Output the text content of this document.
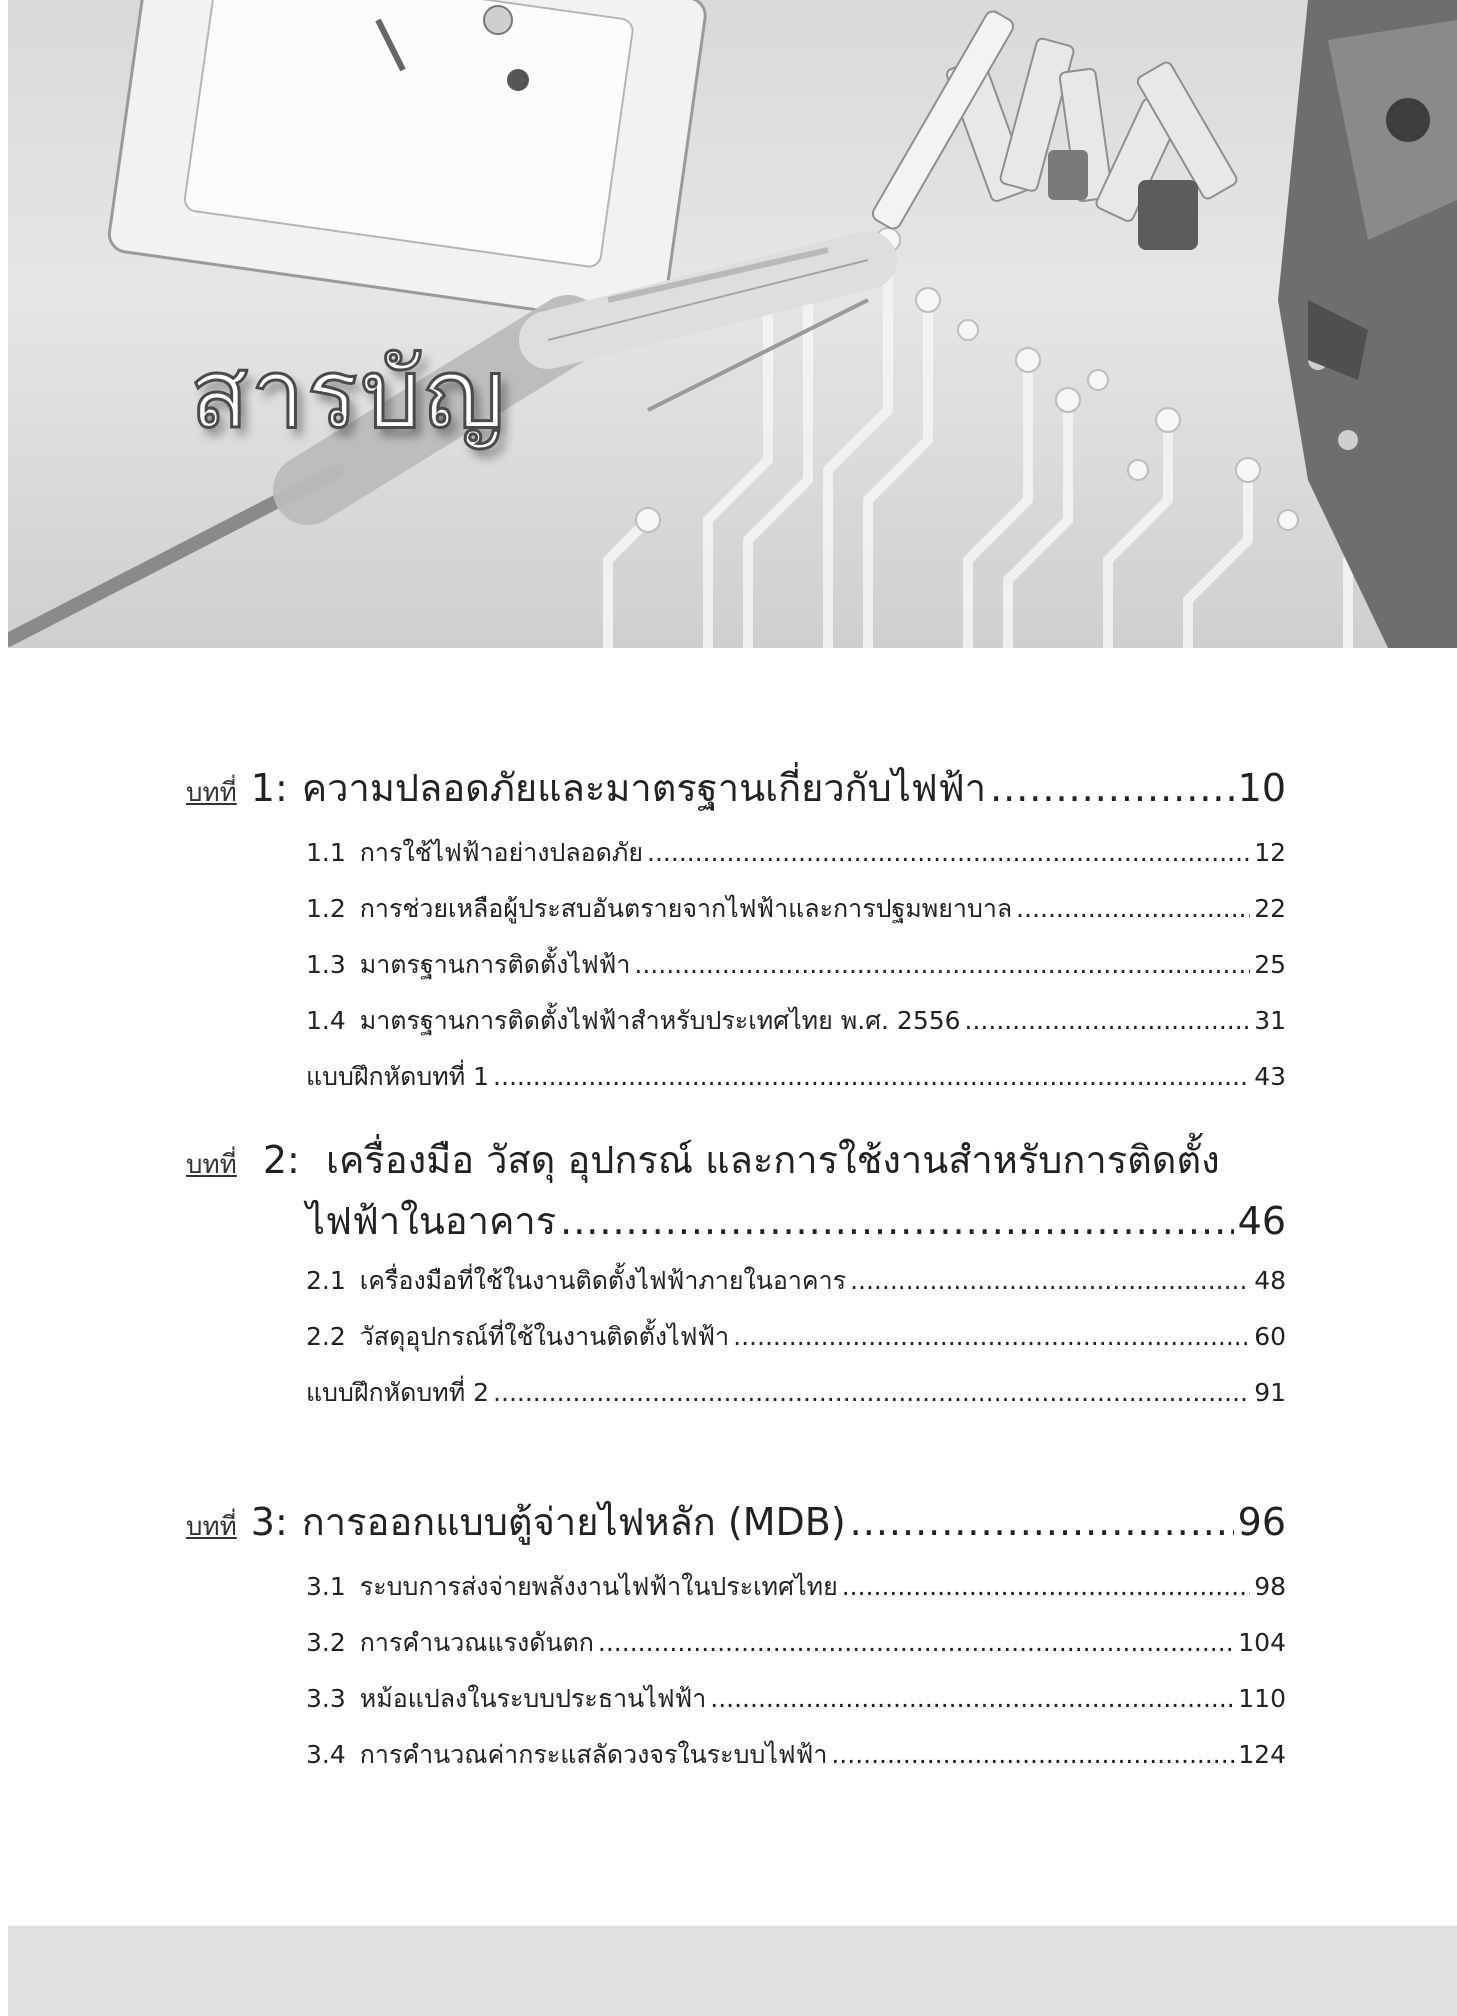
สารบัญ
บทที่ 1: ความปลอดภัยและมาตรฐานเกี่ยวกับไฟฟ้า .....	10
1.1 การใช้ไฟฟ้าอย่างปลอดภัย .....	12
1.2 การช่วยเหลือผู้ประสบอันตรายจากไฟฟ้าและการปฐมพยาบาล .....	22
1.3 มาตรฐานการติดตั้งไฟฟ้า .....	25
1.4 มาตรฐานการติดตั้งไฟฟ้าสำหรับประเทศไทย พ.ศ. 2556 .....	31
แบบฝึกหัดบทที่ 1 .....	43
บทที่ 2: เครื่องมือ วัสดุ อุปกรณ์ และการใช้งานสำหรับการติดตั้ง
ไฟฟ้าในอาคาร .....	46
2.1 เครื่องมือที่ใช้ในงานติดตั้งไฟฟ้าภายในอาคาร .....	48
2.2 วัสดุอุปกรณ์ที่ใช้ในงานติดตั้งไฟฟ้า .....	60
แบบฝึกหัดบทที่ 2 .....	91
บทที่ 3: การออกแบบตู้จ่ายไฟหลัก (MDB) .....	96
3.1 ระบบการส่งจ่ายพลังงานไฟฟ้าในประเทศไทย .....	98
3.2 การคำนวณแรงดันตก .....	104
3.3 หม้อแปลงในระบบประธานไฟฟ้า .....	110
3.4 การคำนวณค่ากระแสลัดวงจรในระบบไฟฟ้า .....	124
